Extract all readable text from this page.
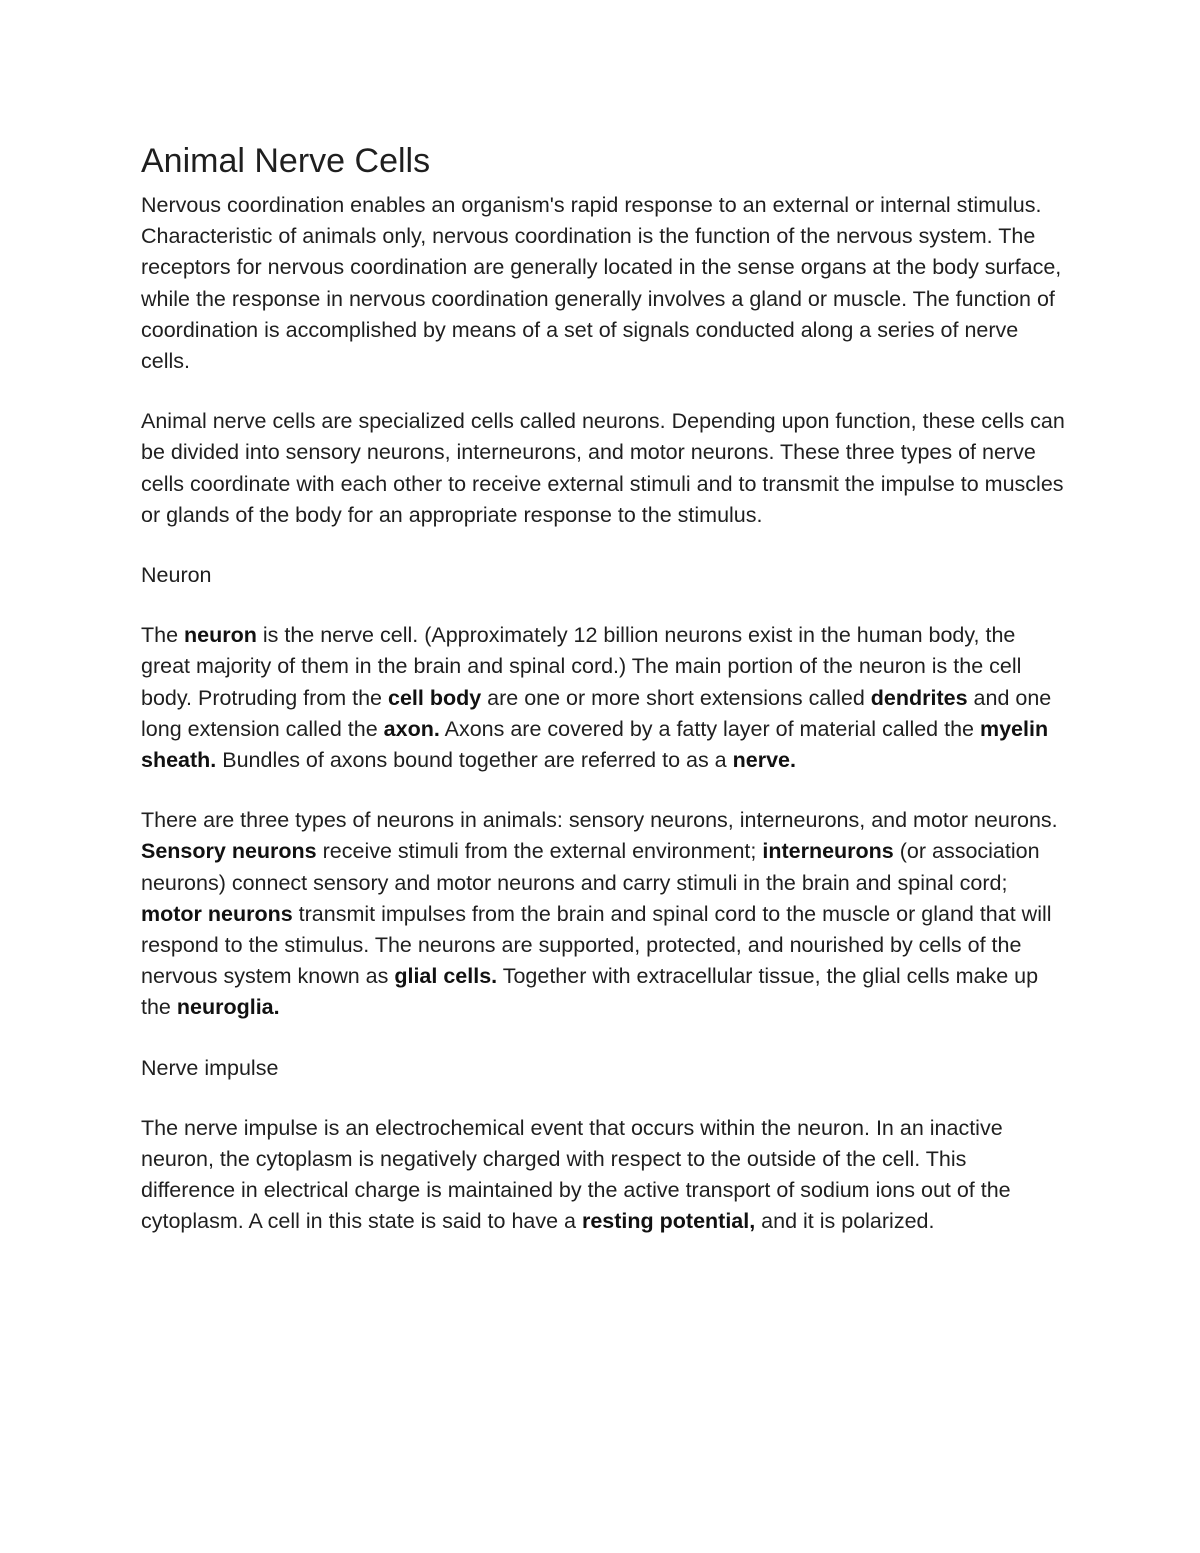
Animal Nerve Cells

Nervous coordination enables an organism's rapid response to an external or internal stimulus. Characteristic of animals only, nervous coordination is the function of the nervous system. The receptors for nervous coordination are generally located in the sense organs at the body surface, while the response in nervous coordination generally involves a gland or muscle. The function of coordination is accomplished by means of a set of signals conducted along a series of nerve cells.

Animal nerve cells are specialized cells called neurons. Depending upon function, these cells can be divided into sensory neurons, interneurons, and motor neurons. These three types of nerve cells coordinate with each other to receive external stimuli and to transmit the impulse to muscles or glands of the body for an appropriate response to the stimulus.

Neuron

The neuron is the nerve cell. (Approximately 12 billion neurons exist in the human body, the great majority of them in the brain and spinal cord.) The main portion of the neuron is the cell body. Protruding from the cell body are one or more short extensions called dendrites and one long extension called the axon. Axons are covered by a fatty layer of material called the myelin sheath. Bundles of axons bound together are referred to as a nerve.

There are three types of neurons in animals: sensory neurons, interneurons, and motor neurons. Sensory neurons receive stimuli from the external environment; interneurons (or association neurons) connect sensory and motor neurons and carry stimuli in the brain and spinal cord; motor neurons transmit impulses from the brain and spinal cord to the muscle or gland that will respond to the stimulus. The neurons are supported, protected, and nourished by cells of the nervous system known as glial cells. Together with extracellular tissue, the glial cells make up the neuroglia.

Nerve impulse

The nerve impulse is an electrochemical event that occurs within the neuron. In an inactive neuron, the cytoplasm is negatively charged with respect to the outside of the cell. This difference in electrical charge is maintained by the active transport of sodium ions out of the cytoplasm. A cell in this state is said to have a resting potential, and it is polarized.
